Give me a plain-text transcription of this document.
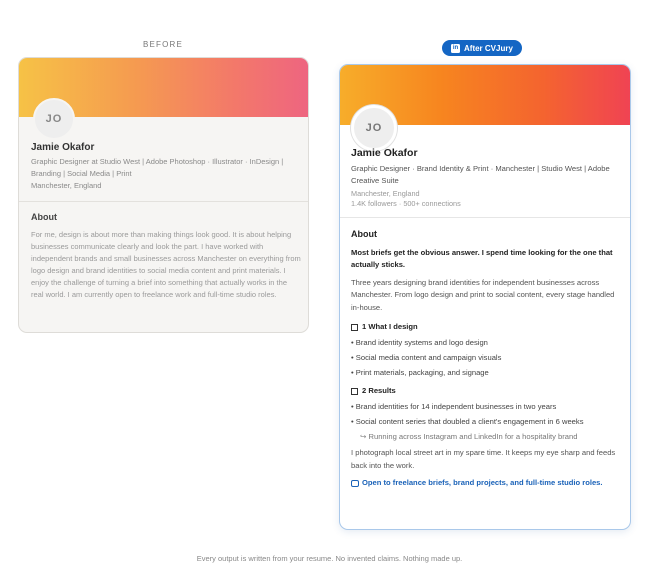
BEFORE	in After CVJury
JO
Jamie Okafor
Graphic Designer at Studio West | Adobe Photoshop · Illustrator · InDesign | Branding | Social Media | Print
Manchester, England
About
For me, design is about more than making things look good. It is about helping businesses communicate clearly and look the part. I have worked with independent brands and small businesses across Manchester on everything from logo design and brand identities to social media content and print materials. I enjoy the challenge of turning a brief into something that actually works in the real world. I am currently open to freelance work and full-time studio roles.
JO
Jamie Okafor
Graphic Designer · Brand Identity & Print · Manchester | Studio West | Adobe Creative Suite
Manchester, England
1.4K followers · 500+ connections
About
Most briefs get the obvious answer. I spend time looking for the one that actually sticks.
Three years designing brand identities for independent businesses across Manchester. From logo design and print to social content, every stage handled in-house.
1 What I design
• Brand identity systems and logo design
• Social media content and campaign visuals
• Print materials, packaging, and signage
2 Results
• Brand identities for 14 independent businesses in two years
• Social content series that doubled a client's engagement in 6 weeks
↪ Running across Instagram and LinkedIn for a hospitality brand
I photograph local street art in my spare time. It keeps my eye sharp and feeds back into the work.
Open to freelance briefs, brand projects, and full-time studio roles.
Every output is written from your resume. No invented claims. Nothing made up.
